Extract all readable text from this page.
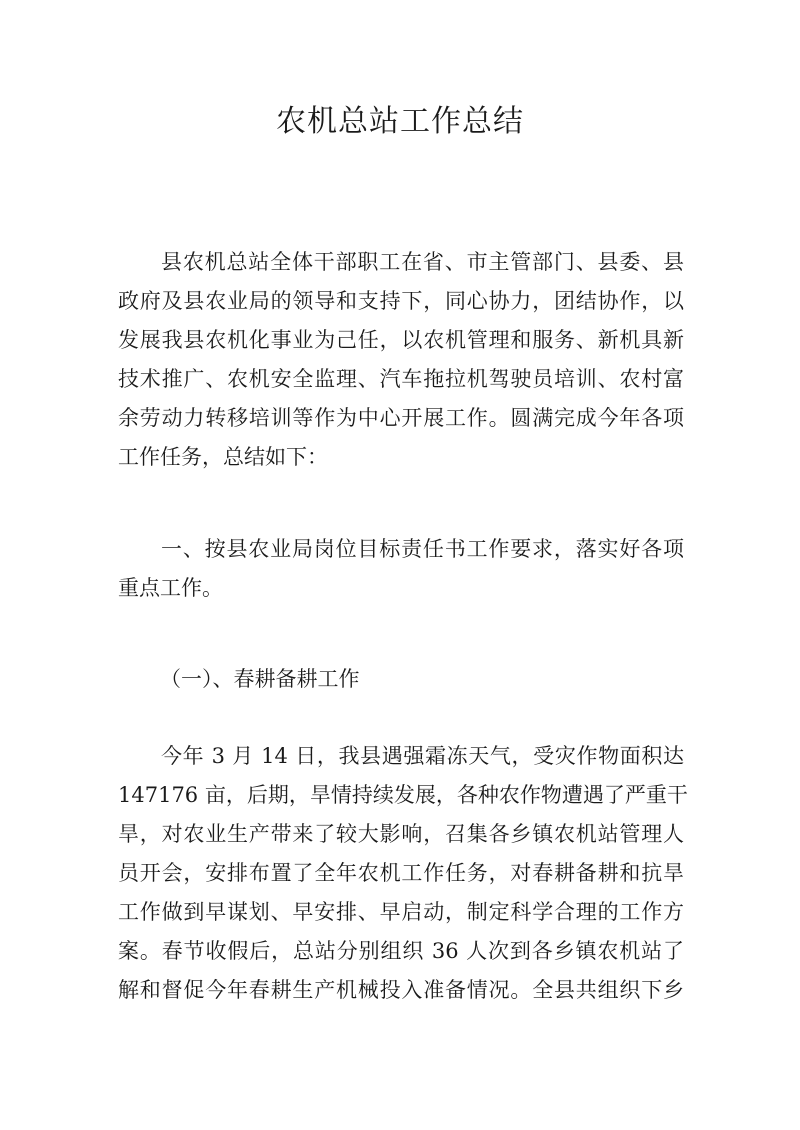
农机总站工作总结

县农机总站全体干部职工在省、市主管部门、县委、县
政府及县农业局的领导和支持下，同心协力，团结协作，以
发展我县农机化事业为己任，以农机管理和服务、新机具新
技术推广、农机安全监理、汽车拖拉机驾驶员培训、农村富
余劳动力转移培训等作为中心开展工作。圆满完成今年各项
工作任务，总结如下：

一、按县农业局岗位目标责任书工作要求，落实好各项
重点工作。

（一）、春耕备耕工作

今年 3 月 14 日，我县遇强霜冻天气，受灾作物面积达
147176 亩，后期，旱情持续发展，各种农作物遭遇了严重干
旱，对农业生产带来了较大影响，召集各乡镇农机站管理人
员开会，安排布置了全年农机工作任务，对春耕备耕和抗旱
工作做到早谋划、早安排、早启动，制定科学合理的工作方
案。春节收假后，总站分别组织 36 人次到各乡镇农机站了
解和督促今年春耕生产机械投入准备情况。全县共组织下乡
